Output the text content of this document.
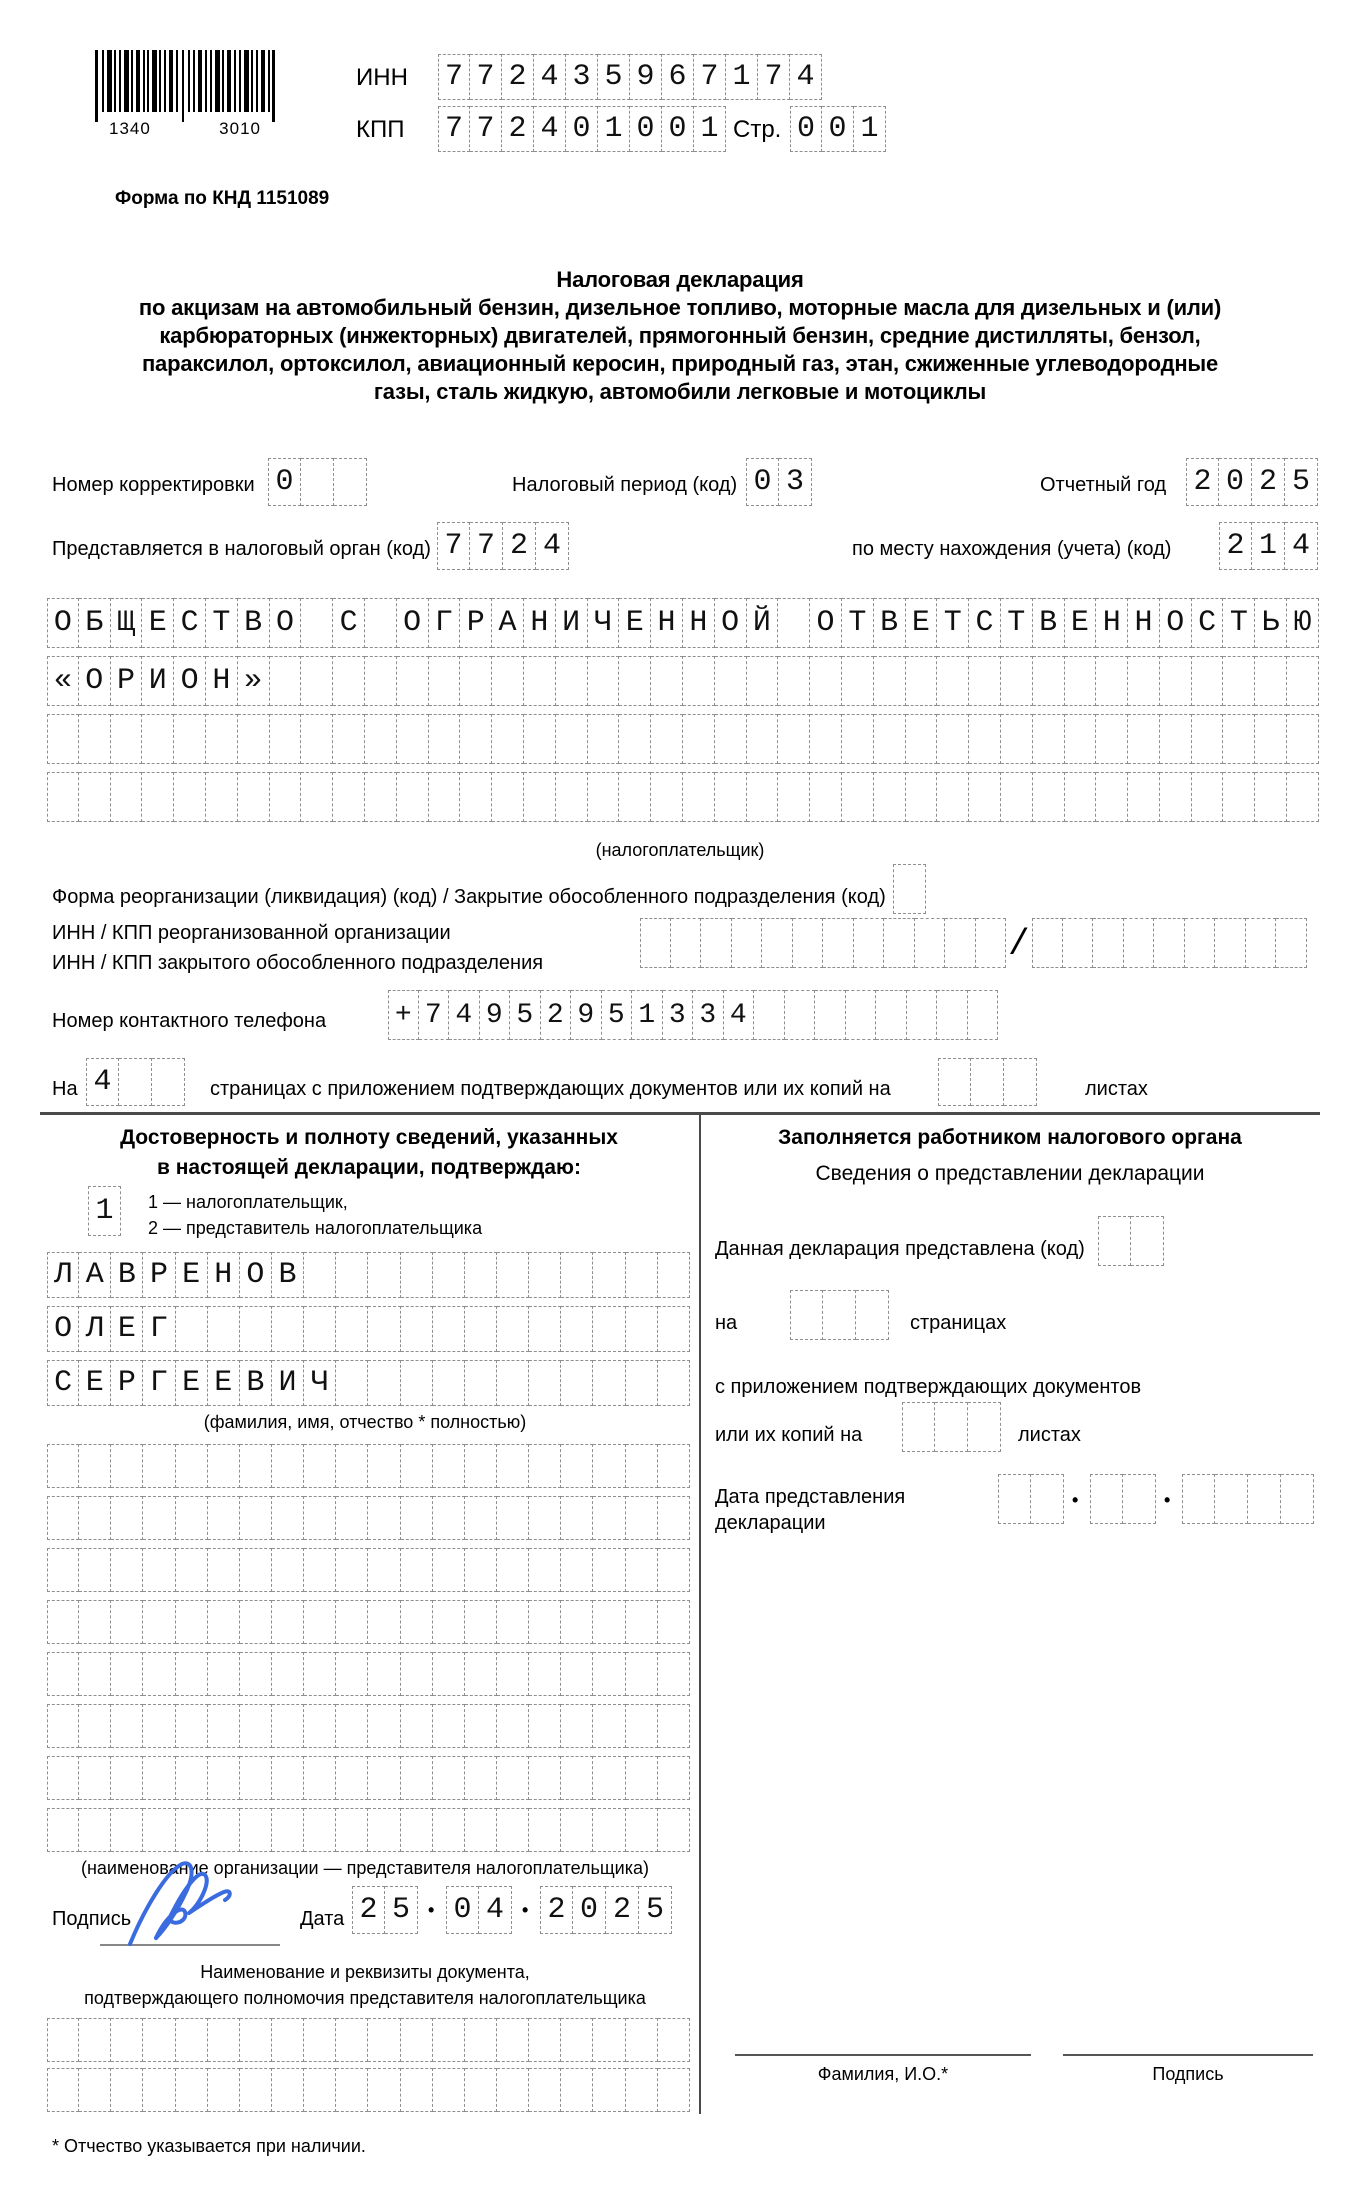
1340	3010
ИНН 7 7 2 4 3 5 9 6 7 1 7 4
КПП 7 7 2 4 0 1 0 0 1 Стр. 0 0 1
Форма по КНД 1151089
Налоговая декларация
по акцизам на автомобильный бензин, дизельное топливо, моторные масла для дизельных и (или)
карбюраторных (инжекторных) двигателей, прямогонный бензин, средние дистилляты, бензол,
параксилол, ортоксилол, авиационный керосин, природный газ, этан, сжиженные углеводородные
газы, сталь жидкую, автомобили легковые и мотоциклы
Номер корректировки 0	Налоговый период (код) 0 3	Отчетный год 2 0 2 5
Представляется в налоговый орган (код) 7 7 2 4	по месту нахождения (учета) (код) 2 1 4
О Б Щ Е С Т В О С О Г Р А Н И Ч Е Н Н О Й О Т В Е Т С Т В Е Н Н О С Т Ь Ю
« О Р И О Н »
(налогоплательщик)
Форма реорганизации (ликвидация) (код) / Закрытие обособленного подразделения (код)
ИНН / КПП реорганизованной организации
ИНН / КПП закрытого обособленного подразделения	/
Номер контактного телефона + 7 4 9 5 2 9 5 1 3 3 4
На 4	страницах с приложением подтверждающих документов или их копий на	листах
Достоверность и полноту сведений, указанных
в настоящей декларации, подтверждаю:
1	1 — налогоплательщик,
2 — представитель налогоплательщика
Л А В Р Е Н О В
О Л Е Г
С Е Р Г Е Е В И Ч
(фамилия, имя, отчество * полностью)
(наименование организации — представителя налогоплательщика)
Подпись	Дата 2 5	• 0 4	• 2 0 2 5
Наименование и реквизиты документа,
подтверждающего полномочия представителя налогоплательщика
* Отчество указывается при наличии.
Заполняется работником налогового органа
Сведения о представлении декларации
Данная декларация представлена (код)
на	страницах
с приложением подтверждающих документов
или их копий на	листах
Дата представления
декларации
•	•
Фамилия, И.О.*	Подпись
